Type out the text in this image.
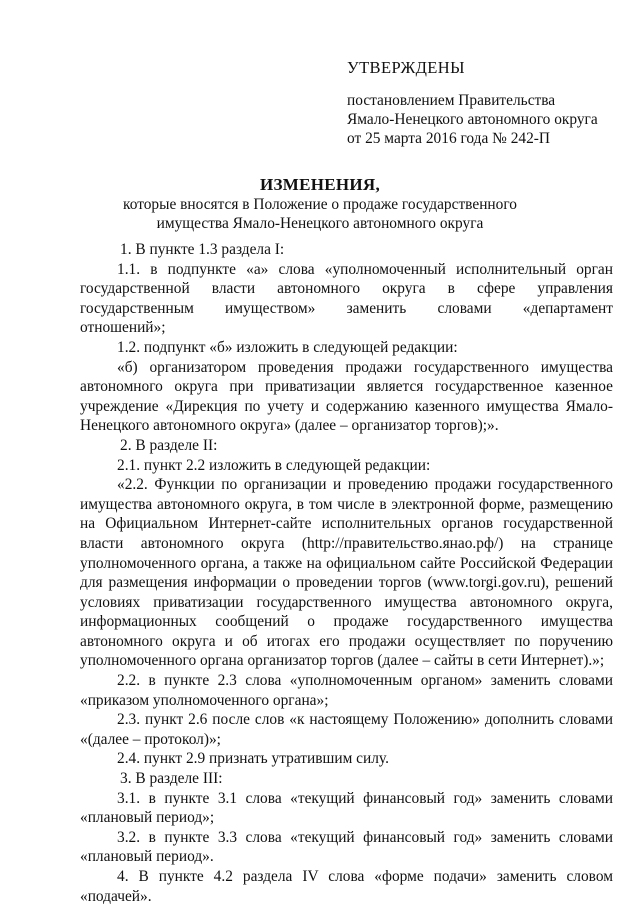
УТВЕРЖДЕНЫ
постановлением Правительства
Ямало-Ненецкого автономного округа
от 25 марта 2016 года № 242-П
ИЗМЕНЕНИЯ,
которые вносятся в Положение о продаже государственного
имущества Ямало-Ненецкого автономного округа
1. В пункте 1.3 раздела I:
1.1. в подпункте «а» слова «уполномоченный исполнительный орган
государственной власти автономного округа в сфере управления
государственным имуществом» заменить словами «департамент
отношений»;
1.2. подпункт «б» изложить в следующей редакции:
«б) организатором проведения продажи государственного имущества
автономного округа при приватизации является государственное казенное
учреждение «Дирекция по учету и содержанию казенного имущества Ямало-
Ненецкого автономного округа» (далее – организатор торгов);».
2. В разделе II:
2.1. пункт 2.2 изложить в следующей редакции:
«2.2. Функции по организации и проведению продажи государственного
имущества автономного округа, в том числе в электронной форме, размещению
на Официальном Интернет-сайте исполнительных органов государственной
власти автономного округа (http://правительство.янао.рф/) на странице
уполномоченного органа, а также на официальном сайте Российской Федерации
для размещения информации о проведении торгов (www.torgi.gov.ru), решений
условиях приватизации государственного имущества автономного округа,
информационных сообщений о продаже государственного имущества
автономного округа и об итогах его продажи осуществляет по поручению
уполномоченного органа организатор торгов (далее – сайты в сети Интернет).»;
2.2. в пункте 2.3 слова «уполномоченным органом» заменить словами
«приказом уполномоченного органа»;
2.3. пункт 2.6 после слов «к настоящему Положению» дополнить словами
«(далее – протокол)»;
2.4. пункт 2.9 признать утратившим силу.
3. В разделе III:
3.1. в пункте 3.1 слова «текущий финансовый год» заменить словами
«плановый период»;
3.2. в пункте 3.3 слова «текущий финансовый год» заменить словами
«плановый период».
4. В пункте 4.2 раздела IV слова «форме подачи» заменить словом
«подачей».
